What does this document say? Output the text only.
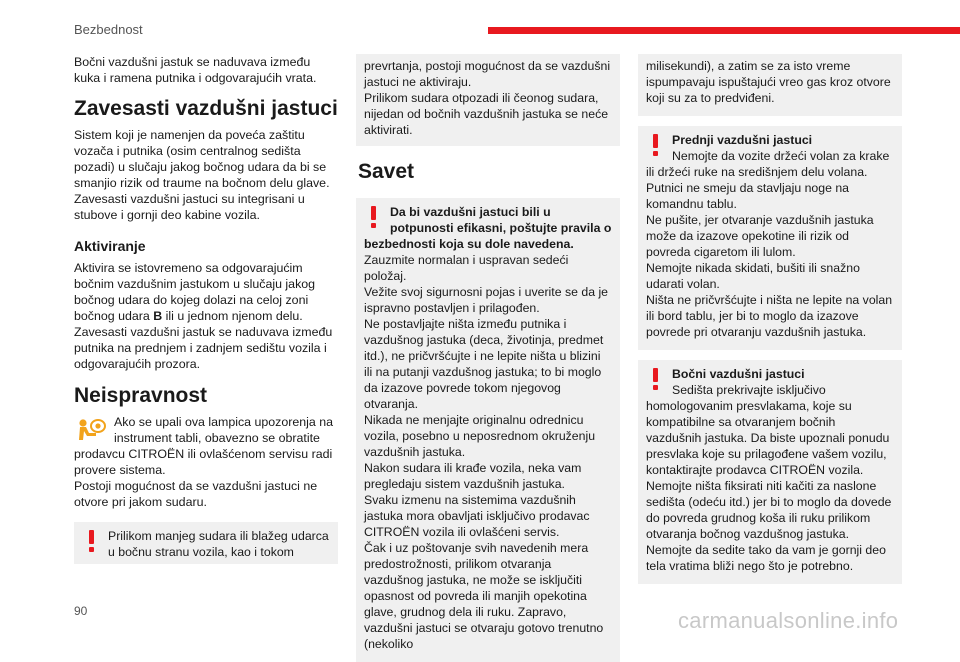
Bezbednost

Bočni vazdušni jastuk se naduvava između kuka i ramena putnika i odgovarajućih vrata.

Zavesasti vazdušni jastuci

Sistem koji je namenjen da poveća zaštitu vozača i putnika (osim centralnog sedišta pozadi) u slučaju jakog bočnog udara da bi se smanjio rizik od traume na bočnom delu glave.

Zavesasti vazdušni jastuci su integrisani u stubove i gornji deo kabine vozila.

Aktiviranje

Aktivira se istovremeno sa odgovarajućim bočnim vazdušnim jastukom u slučaju jakog bočnog udara do kojeg dolazi na celoj zoni bočnog udara B ili u jednom njenom delu.

Zavesasti vazdušni jastuk se naduvava između putnika na prednjem i zadnjem sedištu vozila i odgovarajućih prozora.

Neispravnost

Ako se upali ova lampica upozorenja na instrument tabli, obavezno se obratite prodavcu CITROËN ili ovlašćenom servisu radi provere sistema.

Postoji mogućnost da se vazdušni jastuci ne otvore pri jakom sudaru.

Prilikom manjeg sudara ili blažeg udarca u bočnu stranu vozila, kao i tokom

prevrtanja, postoji mogućnost da se vazdušni jastuci ne aktiviraju.

Prilikom sudara otpozadi ili čeonog sudara, nijedan od bočnih vazdušnih jastuka se neće aktivirati.

Savet

Da bi vazdušni jastuci bili u potpunosti efikasni, poštujte pravila o bezbednosti koja su dole navedena.

Zauzmite normalan i uspravan sedeći položaj.

Vežite svoj sigurnosni pojas i uverite se da je ispravno postavljen i prilagođen.

Ne postavljajte ništa između putnika i vazdušnog jastuka (deca, životinja, predmet itd.), ne pričvršćujte i ne lepite ništa u blizini ili na putanji vazdušnog jastuka; to bi moglo da izazove povrede tokom njegovog otvaranja.

Nikada ne menjajte originalnu odrednicu vozila, posebno u neposrednom okruženju vazdušnih jastuka.

Nakon sudara ili krađe vozila, neka vam pregledaju sistem vazdušnih jastuka.

Svaku izmenu na sistemima vazdušnih jastuka mora obavljati isključivo prodavac CITROËN vozila ili ovlašćeni servis.

Čak i uz poštovanje svih navedenih mera predostrožnosti, prilikom otvaranja vazdušnog jastuka, ne može se isključiti opasnost od povreda ili manjih opekotina glave, grudnog dela ili ruku. Zapravo, vazdušni jastuci se otvaraju gotovo trenutno (nekoliko

milisekundi), a zatim se za isto vreme ispumpavaju ispuštajući vreo gas kroz otvore koji su za to predviđeni.

Prednji vazdušni jastuci

Nemojte da vozite držeći volan za krake ili držeći ruke na središnjem delu volana.

Putnici ne smeju da stavljaju noge na komandnu tablu.

Ne pušite, jer otvaranje vazdušnih jastuka može da izazove opekotine ili rizik od povreda cigaretom ili lulom.

Nemojte nikada skidati, bušiti ili snažno udarati volan.

Ništa ne pričvršćujte i ništa ne lepite na volan ili bord tablu, jer bi to moglo da izazove povrede pri otvaranju vazdušnih jastuka.

Bočni vazdušni jastuci

Sedišta prekrivajte isključivo homologovanim presvlakama, koje su kompatibilne sa otvaranjem bočnih vazdušnih jastuka. Da biste upoznali ponudu presvlaka koje su prilagođene vašem vozilu, kontaktirajte prodavca CITROËN vozila.

Nemojte ništa fiksirati niti kačiti za naslone sedišta (odeću itd.) jer bi to moglo da dovede do povreda grudnog koša ili ruku prilikom otvaranja bočnog vazdušnog jastuka.

Nemojte da sedite tako da vam je gornji deo tela vratima bliži nego što je potrebno.

90	carmanualsonline.info
